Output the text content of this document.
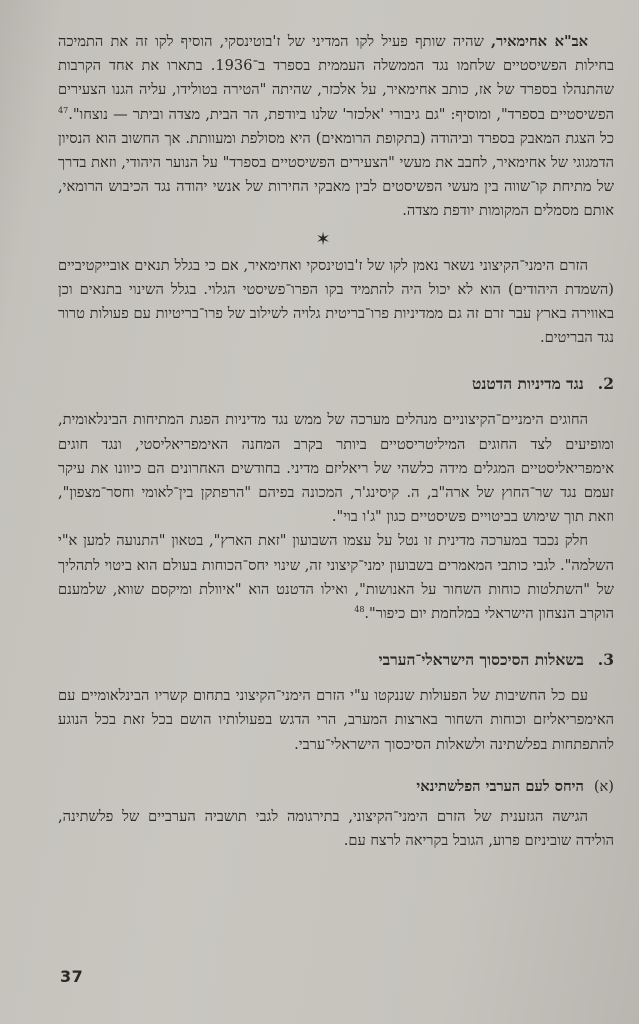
אב"א אחימאיר, שהיה שותף פעיל לקו המדיני של ז'בוטינסקי, הוסיף לקו זה את התמיכה בחילות הפשיסטיים שלחמו נגד הממשלה העממית בספרד ב־1936. בתארו את אחד הקרבות שהתנהלו בספרד של אז, כותב אחימאיר, על אלכזר, שהיתה "הטירה בטולידו, עליה הגנו הצעירים הפשיסטיים בספרד", ומוסיף: "גם גיבורי 'אלכזר' שלנו ביודפת, הר הבית, מצדה וביתר — נוצחו".$^{47}$ כל הצגת המאבק בספרד וביהודה (בתקופת הרומאים) היא מסולפת ומעוותת. אך החשוב הוא הנסיון הדמגוגי של אחימאיר, לחבב את מעשי "הצעירים הפשיסטיים בספרד" על הנוער היהודי, וזאת בדרך של מתיחת קו־שווה בין מעשי הפשיסטים לבין מאבקי החירות של אנשי יהודה נגד הכיבוש הרומאי, אותם מסמלים המקומות יודפת מצדה.

✶

הזרם הימני־הקיצוני נשאר נאמן לקו של ז'בוטינסקי ואחימאיר, אם כי בגלל תנאים אובייקטיביים (השמדת היהודים) הוא לא יכול היה להתמיד בקו הפרו־פשיסטי הגלוי. בגלל השינוי בתנאים וכן באווירה בארץ עבר זרם זה גם ממדיניות פרו־בריטית גלויה לשילוב של פרו־בריטיות עם פעולות טרור נגד הבריטים.

2.
נגד מדיניות הדטנט

החוגים הימניים־הקיצוניים מנהלים מערכה של ממש נגד מדיניות הפגת המתיחות הבינלאומית, ומופיעים לצד החוגים המיליטריסטיים ביותר בקרב המחנה האימפריאליסטי, ונגד חוגים אימפריאליסטיים המגלים מידה כלשהי של ריאליזם מדיני. בחודשים האחרונים הם כיוונו את עיקר זעמם נגד שר־החוץ של ארה"ב, ה. קיסינג'ר, המכונה בפיהם "הרפתקן בין־לאומי וחסר־מצפון", וזאת תוך שימוש בביטויים פשיסטיים כגון "ג'ו בוי".

חלק נכבד במערכה מדינית זו נטל על עצמו השבועון "זאת הארץ", בטאון "התנועה למען א"י השלמה". לגבי כותבי המאמרים בשבועון ימני־קיצוני זה, שינוי יחס־הכוחות בעולם הוא ביטוי לתהליך של "השתלטות כוחות השחור על האנושות", ואילו הדטנט הוא "איוולת ומיקסם שווא, שלמענם הוקרב הנצחון הישראלי במלחמת יום כיפור".$^{48}$

3.
בשאלות הסיכסוך הישראלי־הערבי

עם כל החשיבות של הפעולות שננקטו ע"י הזרם הימני־הקיצוני בתחום קשריו הבינלאומיים עם האימפריאליזם וכוחות השחור בארצות המערב, הרי הדגש בפעולותיו הושם בכל זאת בכל הנוגע להתפתחות בפלשתינה ולשאלות הסיכסוך הישראלי־ערבי.

(א)
היחס לעם הערבי הפלשתינאי

הגישה הגזענית של הזרם הימני־הקיצוני, בתירגומה לגבי תושביה הערביים של פלשתינה, הולידה שוביניזם פרוע, הגובל בקריאה לרצח עם.

37
